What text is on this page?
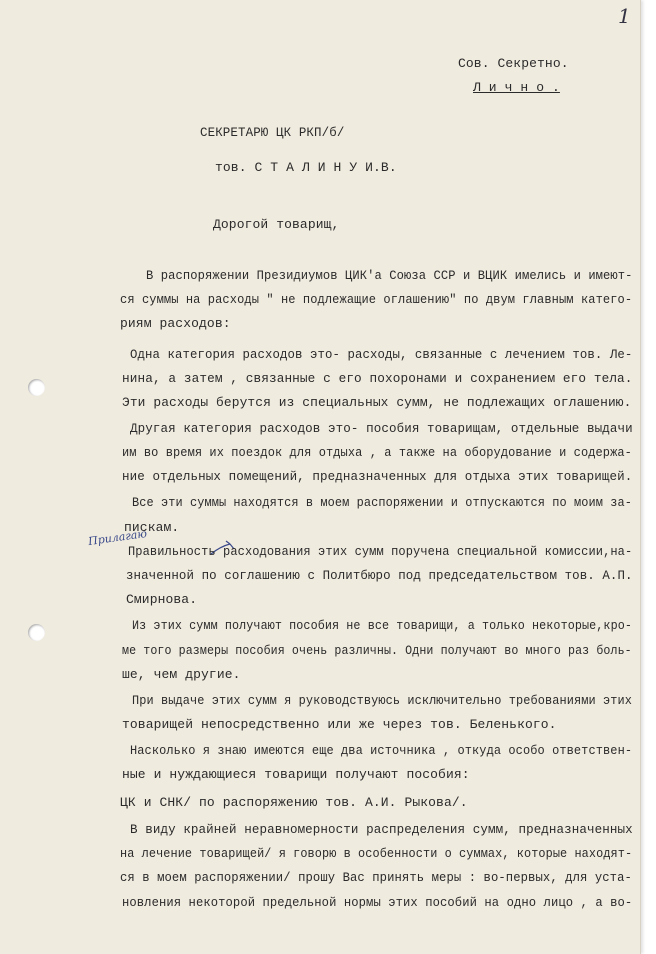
1
Сов. Секретно.
Л и ч н о .
СЕКРЕТАРЮ ЦК РКП/б/
тов. С Т А Л И Н У И.В.
Дорогой товарищ,
Прилагаю
В распоряжении Президиумов ЦИК'а Союза ССР и ВЦИК имелись и имеют-
ся суммы на расходы " не подлежащие оглашению" по двум главным катего-
риям расходов:
Одна категория расходов это- расходы, связанные с лечением тов. Ле-
нина, а затем , связанные с его похоронами и сохранением его тела.
Эти расходы берутся из специальных сумм, не подлежащих оглашению.
Другая категория расходов это- пособия товарищам, отдельные выдачи
им во время их поездок для отдыха , а также на оборудование и содержа-
ние отдельных помещений, предназначенных для отдыха этих товарищей.
Все эти суммы находятся в моем распоряжении и отпускаются по моим за-
пискам.
Правильность расходования этих сумм поручена специальной комиссии,на-
значенной по соглашению с Политбюро под председательством тов. А.П.
Смирнова.
Из этих сумм получают пособия не все товарищи, а только некоторые,кро-
ме того размеры пособия очень различны. Одни получают во много раз боль-
ше, чем другие.
При выдаче этих сумм я руководствуюсь исключительно требованиями этих
товарищей непосредственно или же через тов. Беленького.
Насколько я знаю имеются еще два источника , откуда особо ответствен-
ные и нуждающиеся товарищи получают пособия:
ЦК и СНК/ по распоряжению тов. А.И. Рыкова/.
В виду крайней неравномерности распределения сумм, предназначенных
на лечение товарищей/ я говорю в особенности о суммах, которые находят-
ся в моем распоряжении/ прошу Вас принять меры : во-первых, для уста-
новления некоторой предельной нормы этих пособий на одно лицо , а во-
